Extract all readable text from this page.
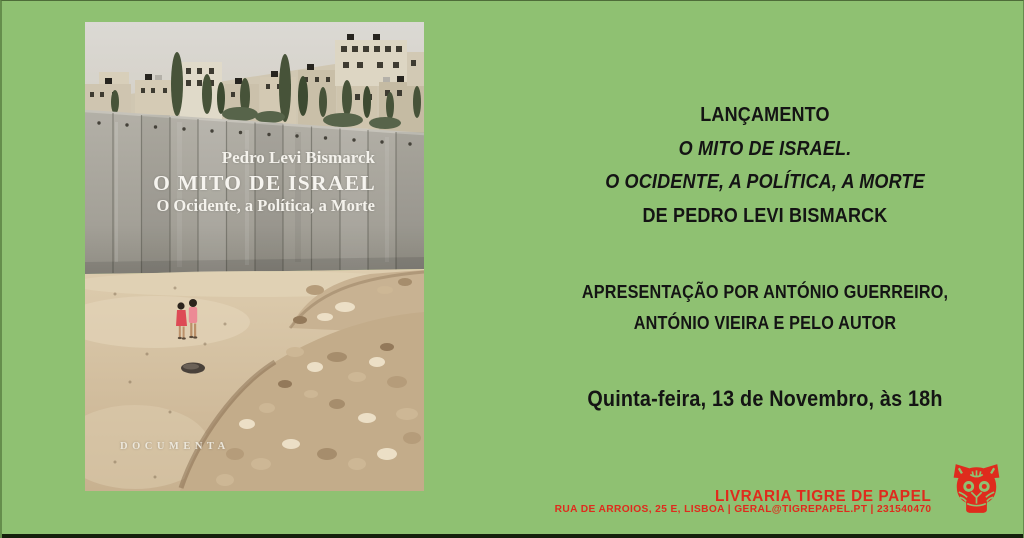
Pedro Levi Bismarck
O MITO DE ISRAEL
O Ocidente, a Política, a Morte
DOCUMENTA
LANÇAMENTO
O MITO DE ISRAEL.
O OCIDENTE, A POLÍTICA, A MORTE
DE PEDRO LEVI BISMARCK
APRESENTAÇÃO POR ANTÓNIO GUERREIRO,
ANTÓNIO VIEIRA E PELO AUTOR
Quinta-feira, 13 de Novembro, às 18h
LIVRARIA TIGRE DE PAPEL
RUA DE ARROIOS, 25 E, LISBOA | GERAL@TIGREPAPEL.PT | 231540470
